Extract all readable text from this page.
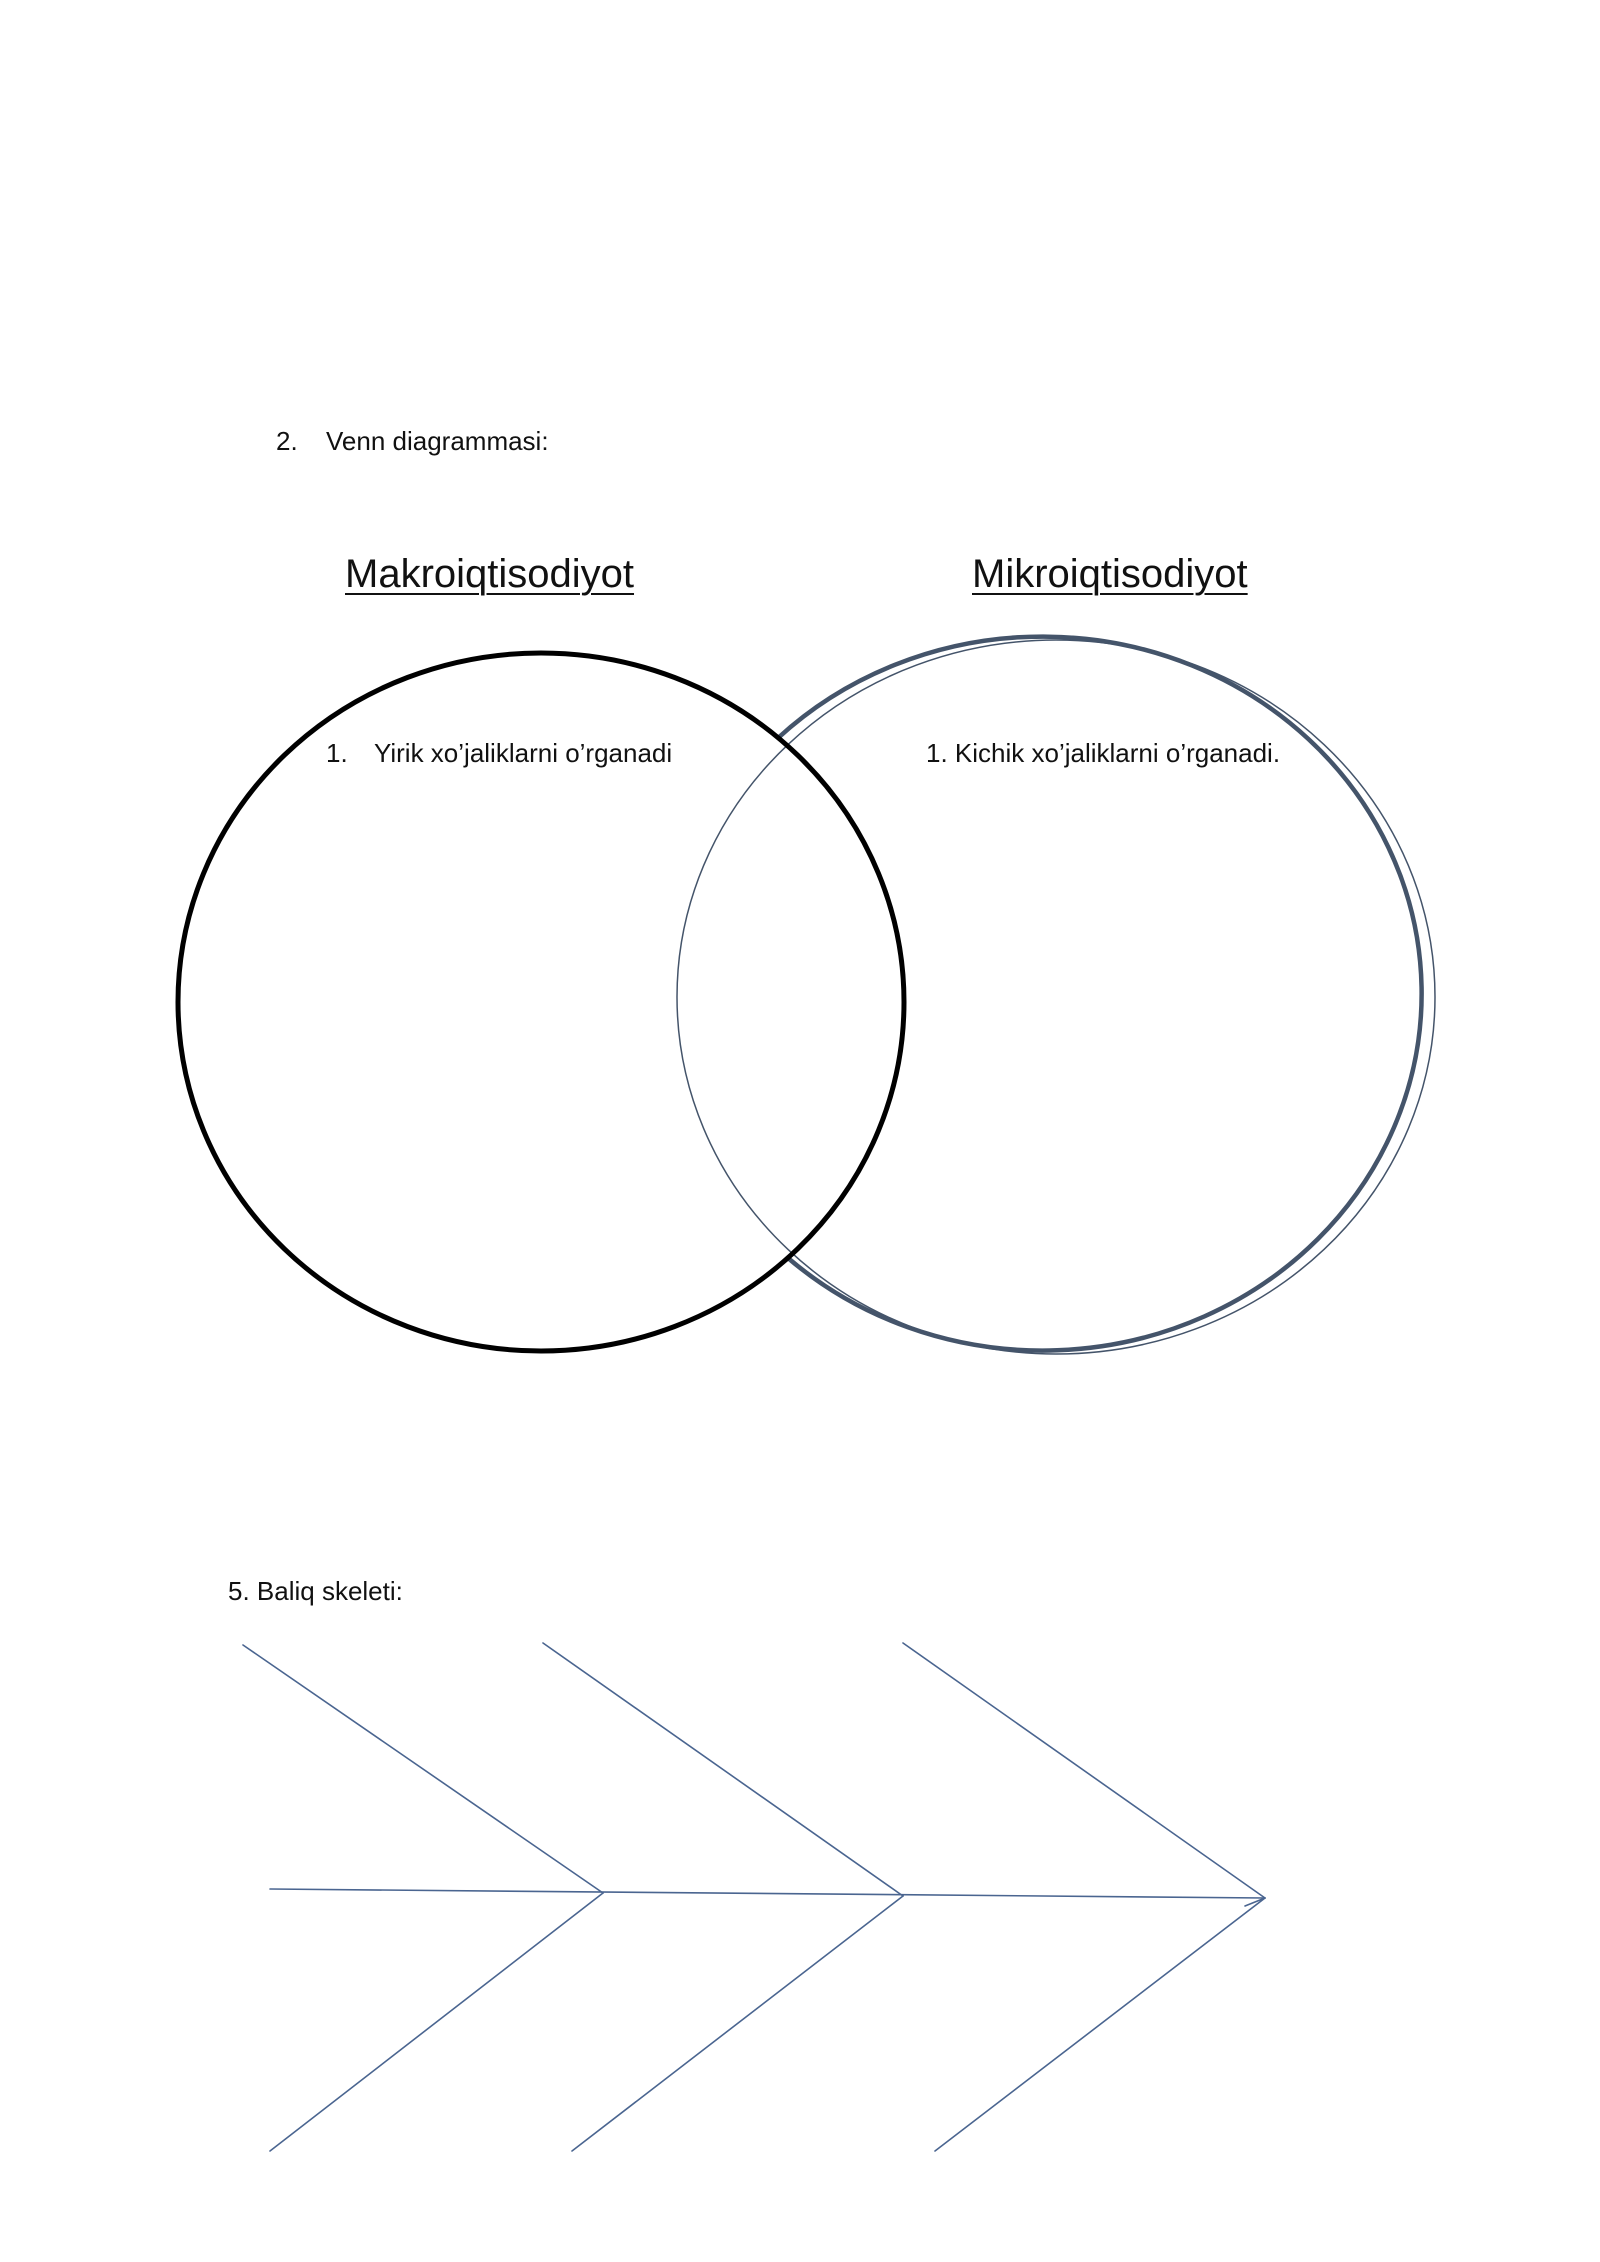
2. Venn diagrammasi:
Makroiqtisodiyot	Mikroiqtisodiyot
1. Yirik xo’jaliklarni o’rganadi	1. Kichik xo’jaliklarni o’rganadi.
5. Baliq skeleti:
